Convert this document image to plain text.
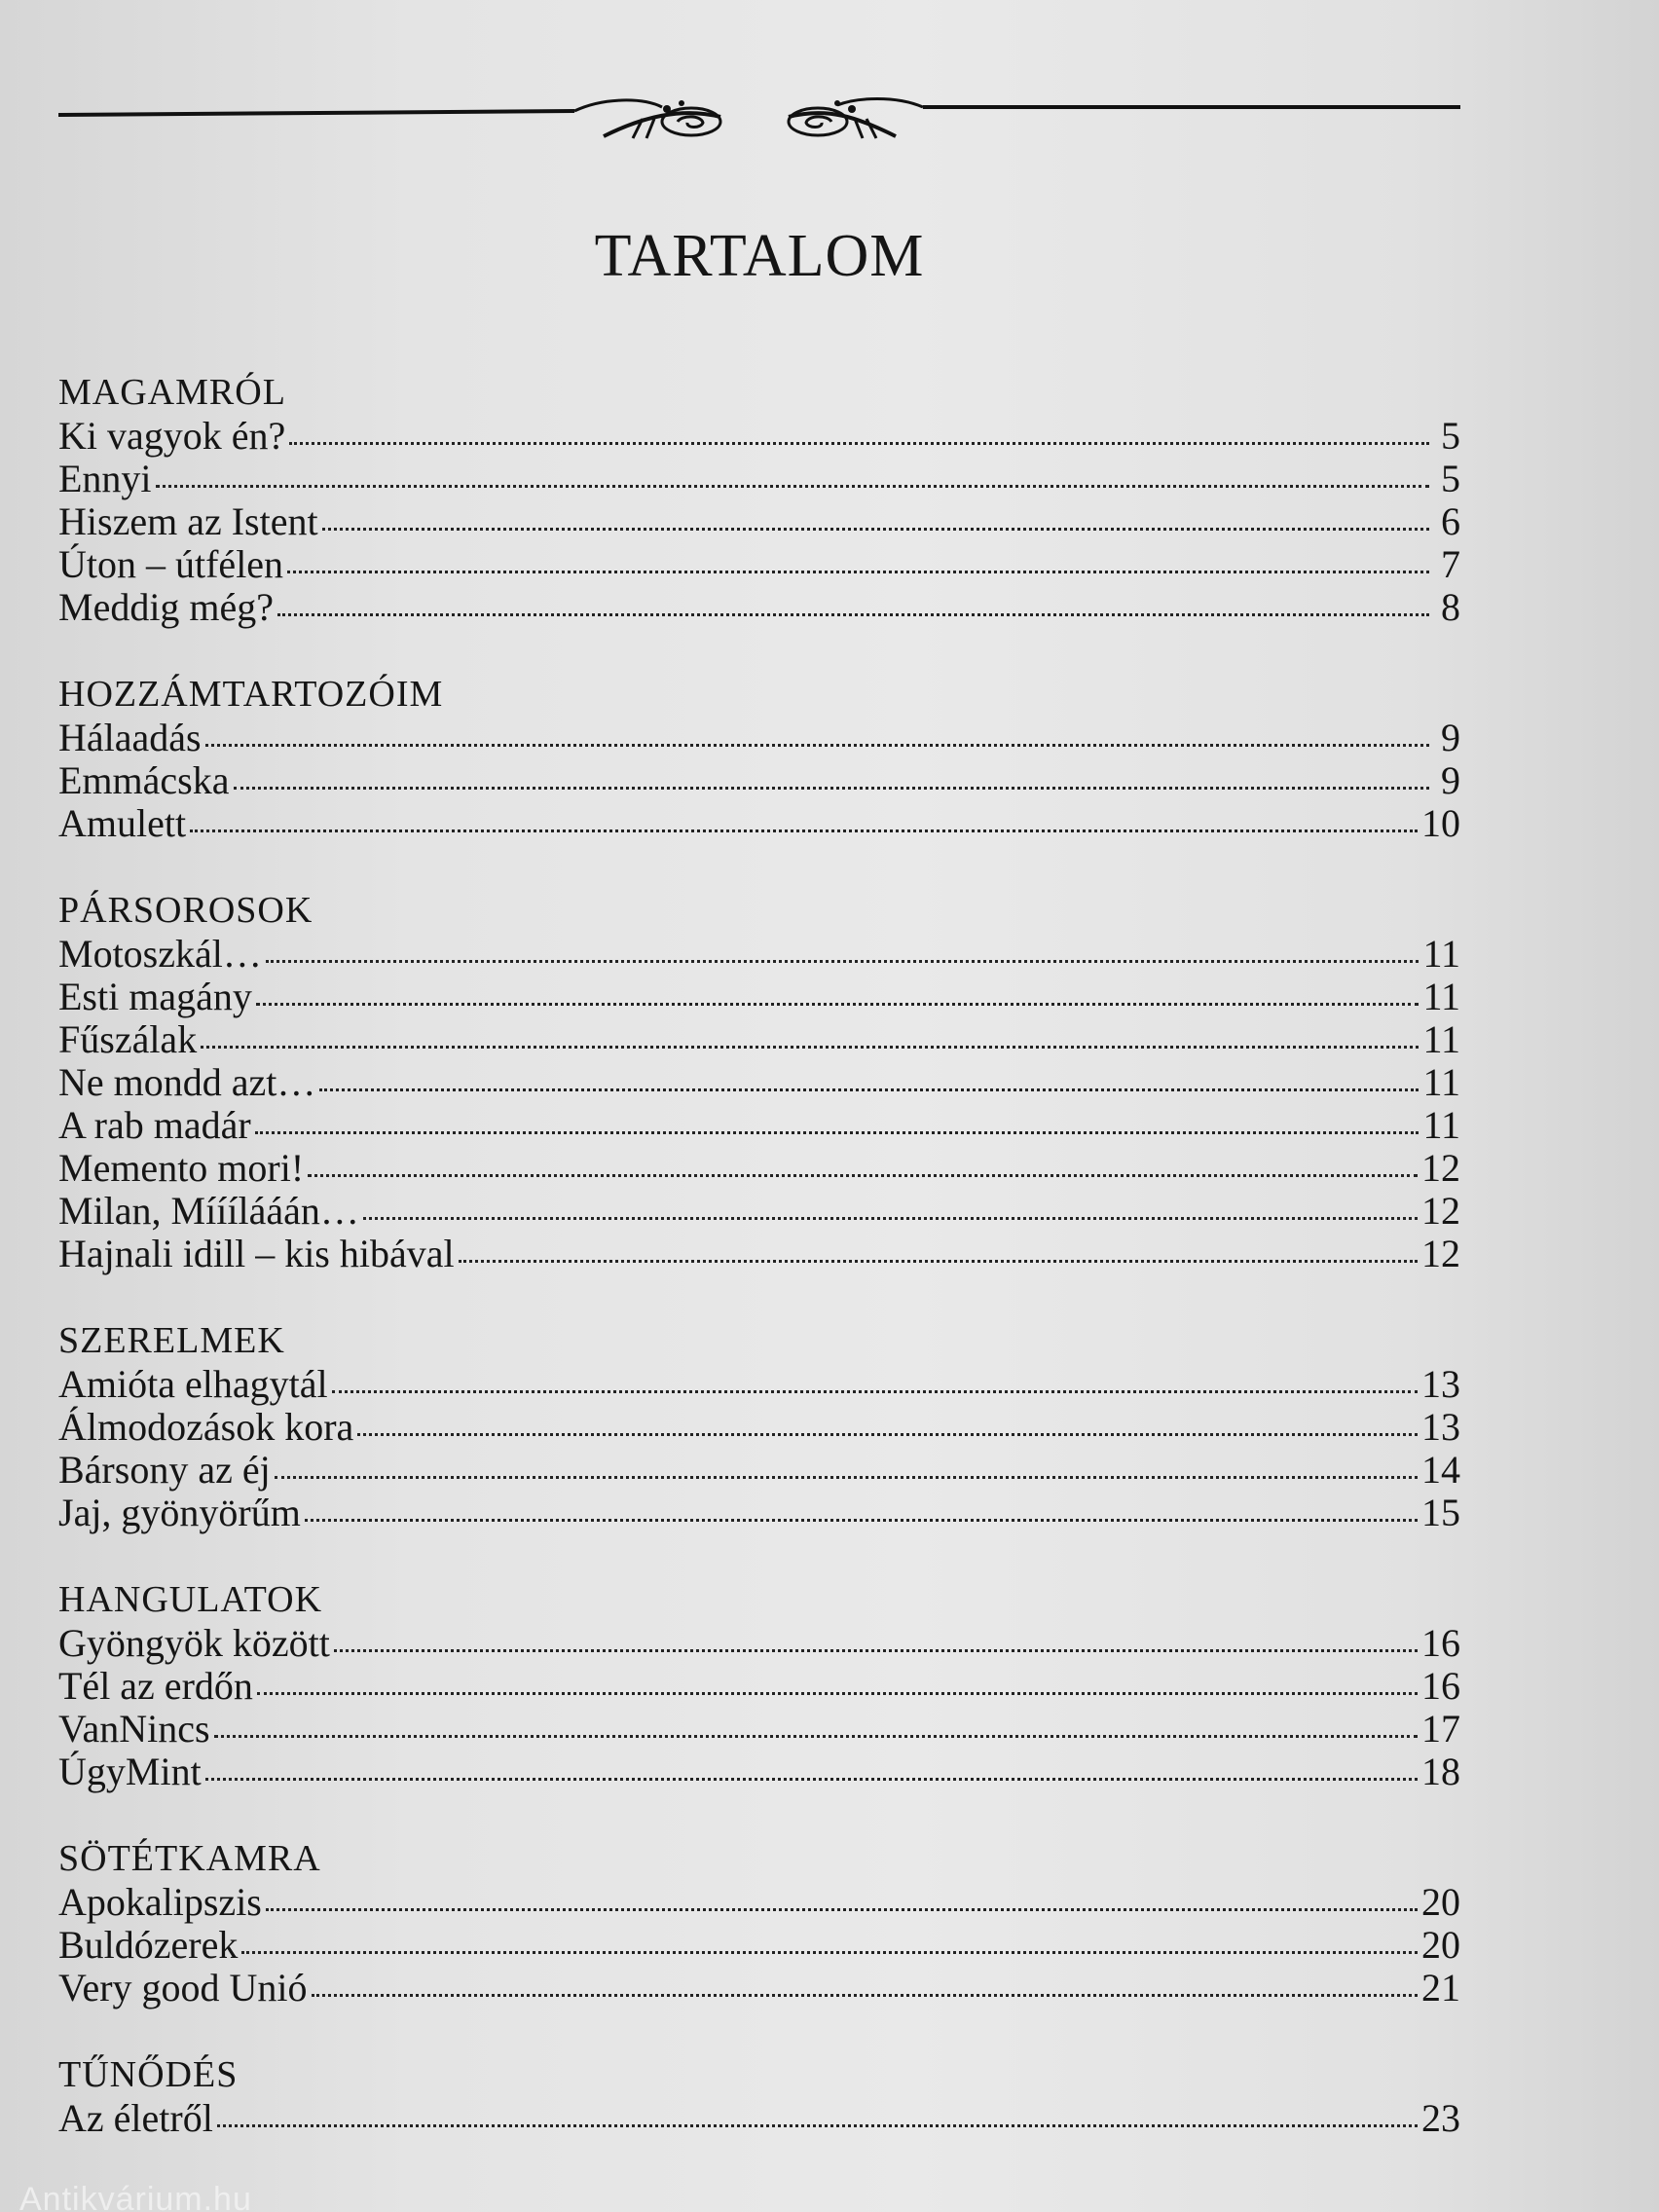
TARTALOM
MAGAMRÓL
Ki vagyok én?	5
Ennyi	5
Hiszem az Istent	6
Úton – útfélen	7
Meddig még?	8
HOZZÁMTARTOZÓIM
Hálaadás	9
Emmácska	9
Amulett	10
PÁRSOROSOK
Motoszkál…	11
Esti magány	11
Fűszálak	11
Ne mondd azt…	11
A rab madár	11
Memento mori!	12
Milan, Mííílááán…	12
Hajnali idill – kis hibával	12
SZERELMEK
Amióta elhagytál	13
Álmodozások kora	13
Bársony az éj	14
Jaj, gyönyörűm	15
HANGULATOK
Gyöngyök között	16
Tél az erdőn	16
VanNincs	17
ÚgyMint	18
SÖTÉTKAMRA
Apokalipszis	20
Buldózerek	20
Very good Unió	21
TŰNŐDÉS
Az életről	23
Antikvárium.hu
